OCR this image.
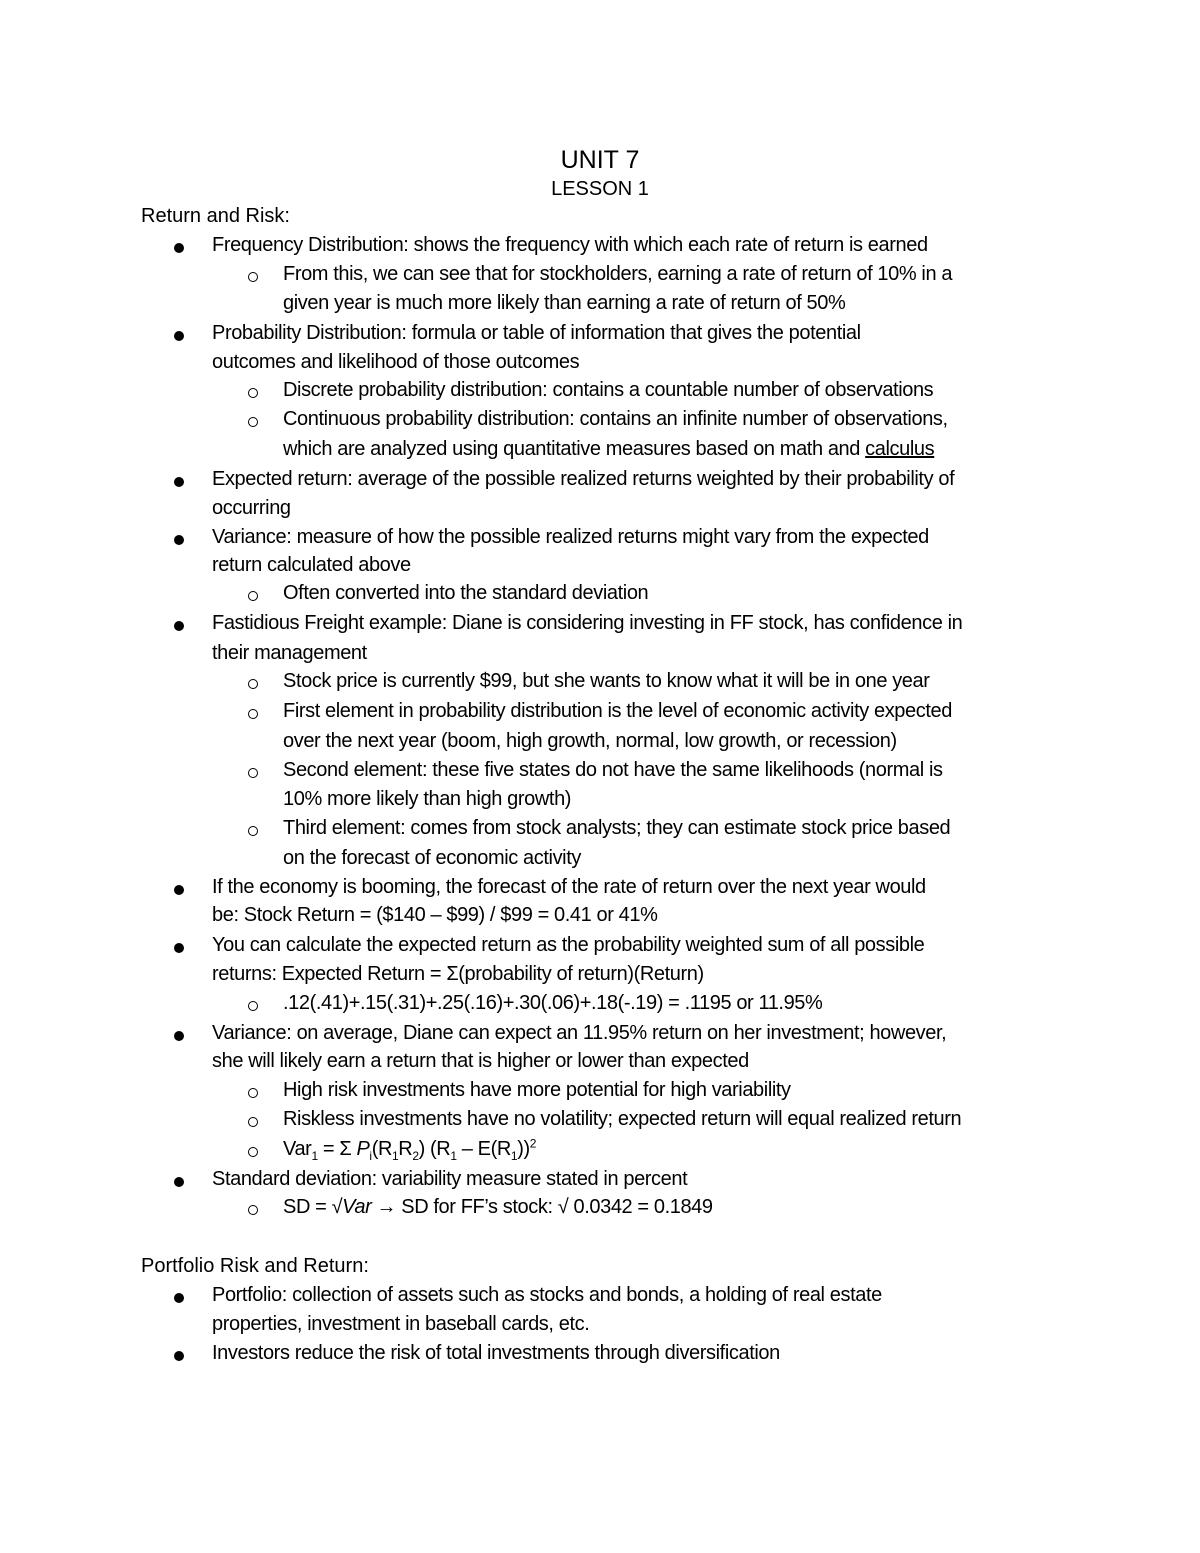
UNIT 7
LESSON 1
Return and Risk:
Frequency Distribution: shows the frequency with which each rate of return is earned
From this, we can see that for stockholders, earning a rate of return of 10% in a
given year is much more likely than earning a rate of return of 50%
Probability Distribution: formula or table of information that gives the potential
outcomes and likelihood of those outcomes
Discrete probability distribution: contains a countable number of observations
Continuous probability distribution: contains an infinite number of observations,
which are analyzed using quantitative measures based on math and calculus
Expected return: average of the possible realized returns weighted by their probability of
occurring
Variance: measure of how the possible realized returns might vary from the expected
return calculated above
Often converted into the standard deviation
Fastidious Freight example: Diane is considering investing in FF stock, has confidence in
their management
Stock price is currently $99, but she wants to know what it will be in one year
First element in probability distribution is the level of economic activity expected
over the next year (boom, high growth, normal, low growth, or recession)
Second element: these five states do not have the same likelihoods (normal is
10% more likely than high growth)
Third element: comes from stock analysts; they can estimate stock price based
on the forecast of economic activity
If the economy is booming, the forecast of the rate of return over the next year would
be: Stock Return = ($140 – $99) / $99 = 0.41 or 41%
You can calculate the expected return as the probability weighted sum of all possible
returns: Expected Return = Σ(probability of return)(Return)
.12(.41)+.15(.31)+.25(.16)+.30(.06)+.18(-.19) = .1195 or 11.95%
Variance: on average, Diane can expect an 11.95% return on her investment; however,
she will likely earn a return that is higher or lower than expected
High risk investments have more potential for high variability
Riskless investments have no volatility; expected return will equal realized return
Var$_1$ = Σ $P_i(R_1R_2)$ $(R_1 - E(R_1))^2$
Standard deviation: variability measure stated in percent
SD = √Var → SD for FF’s stock: √ 0.0342 = 0.1849
Portfolio Risk and Return:
Portfolio: collection of assets such as stocks and bonds, a holding of real estate
properties, investment in baseball cards, etc.
Investors reduce the risk of total investments through diversification
